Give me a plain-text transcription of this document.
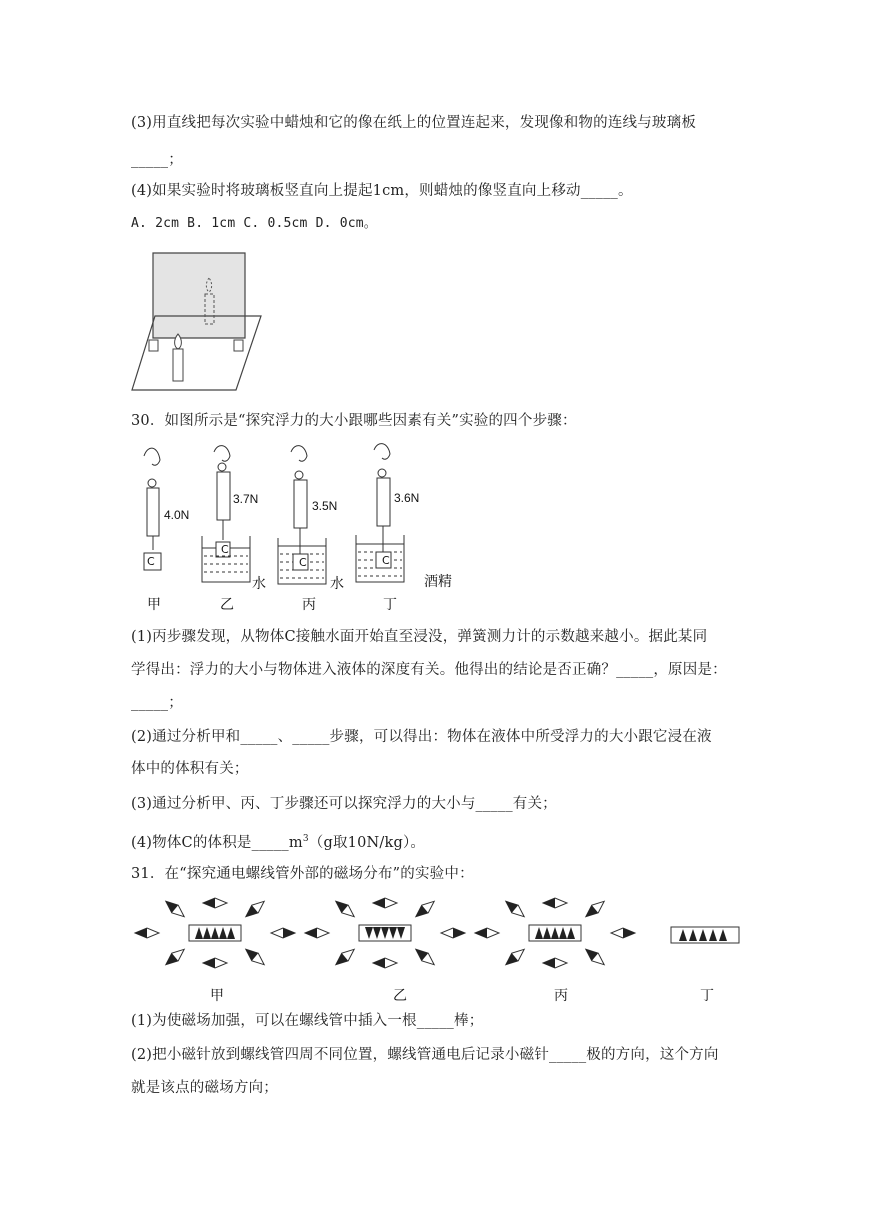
(3)用直线把每次实验中蜡烛和它的像在纸上的位置连起来，发现像和物的连线与玻璃板
_____；
(4)如果实验时将玻璃板竖直向上提起1cm，则蜡烛的像竖直向上移动_____。
A. 2cm B. 1cm C. 0.5cm D. 0cm。
30．如图所示是“探究浮力的大小跟哪些因素有关”实验的四个步骤：
4.0N
3.7N	3.5N
3.6N
C
C
C	C
水	水	酒精
甲	乙	丙	丁
(1)丙步骤发现，从物体C接触水面开始直至浸没，弹簧测力计的示数越来越小。据此某同
学得出：浮力的大小与物体进入液体的深度有关。他得出的结论是否正确？_____，原因是：
_____；
(2)通过分析甲和_____、_____步骤，可以得出：物体在液体中所受浮力的大小跟它浸在液
体中的体积有关；
(3)通过分析甲、丙、丁步骤还可以探究浮力的大小与_____有关；
(4)物体C的体积是$\_\_\_\_\_m^3(g$取10N/kg）。
31．在“探究通电螺线管外部的磁场分布”的实验中：
甲	乙	丙	丁
(1)为使磁场加强，可以在螺线管中插入一根_____棒；
(2)把小磁针放到螺线管四周不同位置，螺线管通电后记录小磁针_____极的方向，这个方向
就是该点的磁场方向；
